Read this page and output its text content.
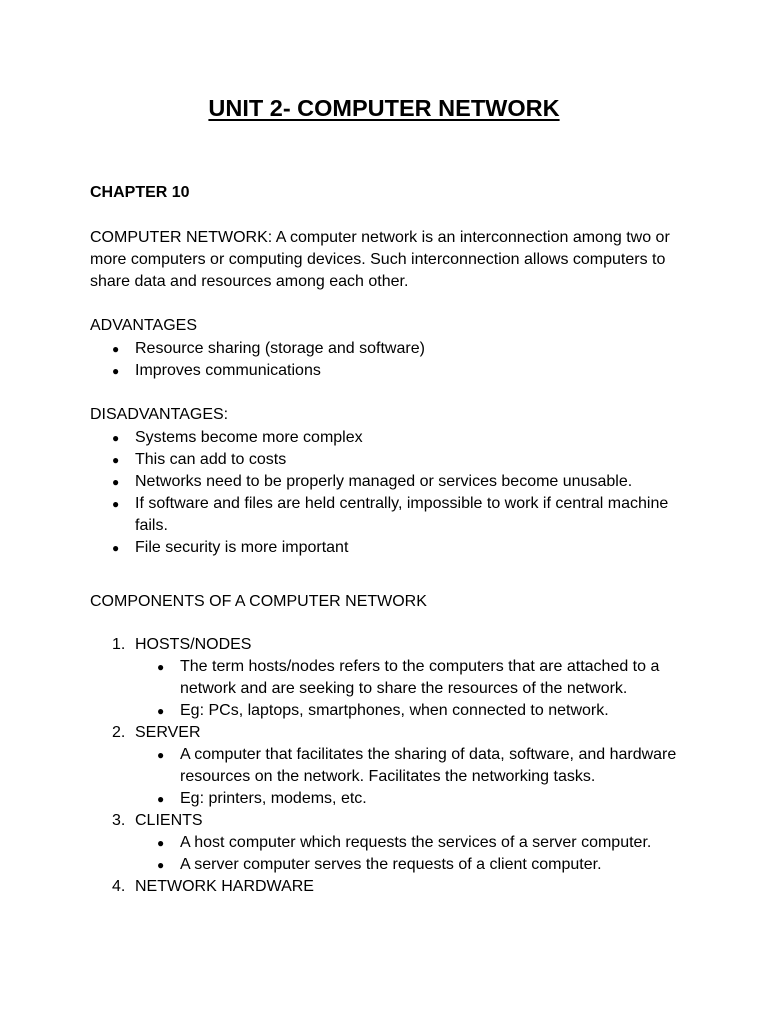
UNIT 2- COMPUTER NETWORK
CHAPTER 10
COMPUTER NETWORK: A computer network is an interconnection among two or more computers or computing devices. Such interconnection allows computers to share data and resources among each other.
ADVANTAGES
● Resource sharing (storage and software)
● Improves communications
DISADVANTAGES:
● Systems become more complex
● This can add to costs
● Networks need to be properly managed or services become unusable.
● If software and files are held centrally, impossible to work if central machine fails.
● File security is more important
COMPONENTS OF A COMPUTER NETWORK
1. HOSTS/NODES
● The term hosts/nodes refers to the computers that are attached to a network and are seeking to share the resources of the network.
● Eg: PCs, laptops, smartphones, when connected to network.
2. SERVER
● A computer that facilitates the sharing of data, software, and hardware resources on the network. Facilitates the networking tasks.
● Eg: printers, modems, etc.
3. CLIENTS
● A host computer which requests the services of a server computer.
● A server computer serves the requests of a client computer.
4. NETWORK HARDWARE
